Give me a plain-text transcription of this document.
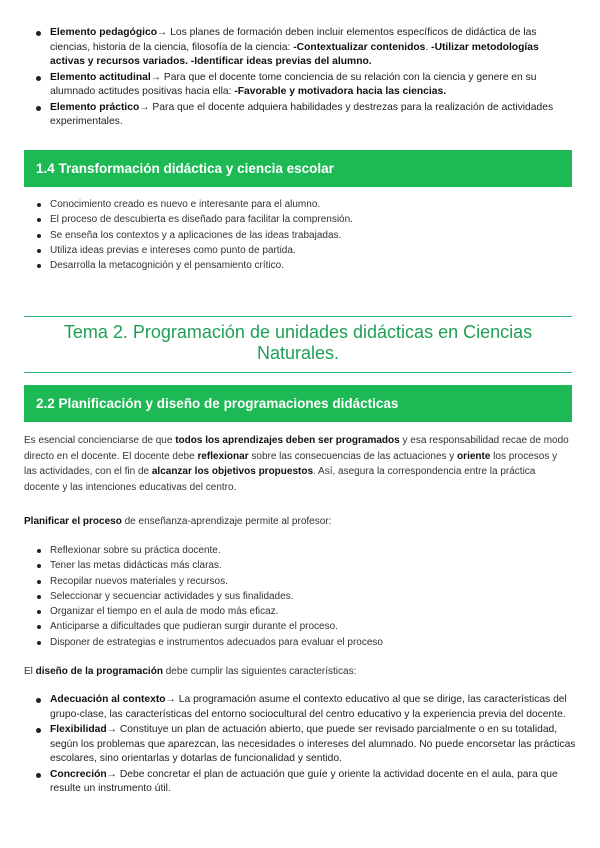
Elemento pedagógico→ Los planes de formación deben incluir elementos específicos de didáctica de las ciencias, historia de la ciencia, filosofía de la ciencia: -Contextualizar contenidos. -Utilizar metodologías activas y recursos variados. -Identificar ideas previas del alumno.
Elemento actitudinal→ Para que el docente tome conciencia de su relación con la ciencia y genere en su alumnado actitudes positivas hacia ella: -Favorable y motivadora hacia las ciencias.
Elemento práctico→ Para que el docente adquiera habilidades y destrezas para la realización de actividades experimentales.
1.4 Transformación didáctica y ciencia escolar
Conocimiento creado es nuevo e interesante para el alumno.
El proceso de descubierta es diseñado para facilitar la comprensión.
Se enseña los contextos y a aplicaciones de las ideas trabajadas.
Utiliza ideas previas e intereses como punto de partida.
Desarrolla la metacognición y el pensamiento crítico.
Tema 2. Programación de unidades didácticas en Ciencias Naturales.
2.2 Planificación y diseño de programaciones didácticas
Es esencial concienciarse de que todos los aprendizajes deben ser programados y esa responsabilidad recae de modo directo en el docente. El docente debe reflexionar sobre las consecuencias de las actuaciones y oriente los procesos y las actividades, con el fin de alcanzar los objetivos propuestos. Así, asegura la correspondencia entre la práctica docente y las intenciones educativas del centro.
Planificar el proceso de enseñanza-aprendizaje permite al profesor:
Reflexionar sobre su práctica docente.
Tener las metas didácticas más claras.
Recopilar nuevos materiales y recursos.
Seleccionar y secuenciar actividades y sus finalidades.
Organizar el tiempo en el aula de modo más eficaz.
Anticiparse a dificultades que pudieran surgir durante el proceso.
Disponer de estrategias e instrumentos adecuados para evaluar el proceso
El diseño de la programación debe cumplir las siguientes características:
Adecuación al contexto→ La programación asume el contexto educativo al que se dirige, las características del grupo-clase, las características del entorno sociocultural del centro educativo y la experiencia previa del docente.
Flexibilidad→ Constituye un plan de actuación abierto, que puede ser revisado parcialmente o en su totalidad, según los problemas que aparezcan, las necesidades o intereses del alumnado. No puede encorsetar las prácticas escolares, sino orientarlas y dotarlas de funcionalidad y sentido.
Concreción→ Debe concretar el plan de actuación que guíe y oriente la actividad docente en el aula, para que resulte un instrumento útil.
